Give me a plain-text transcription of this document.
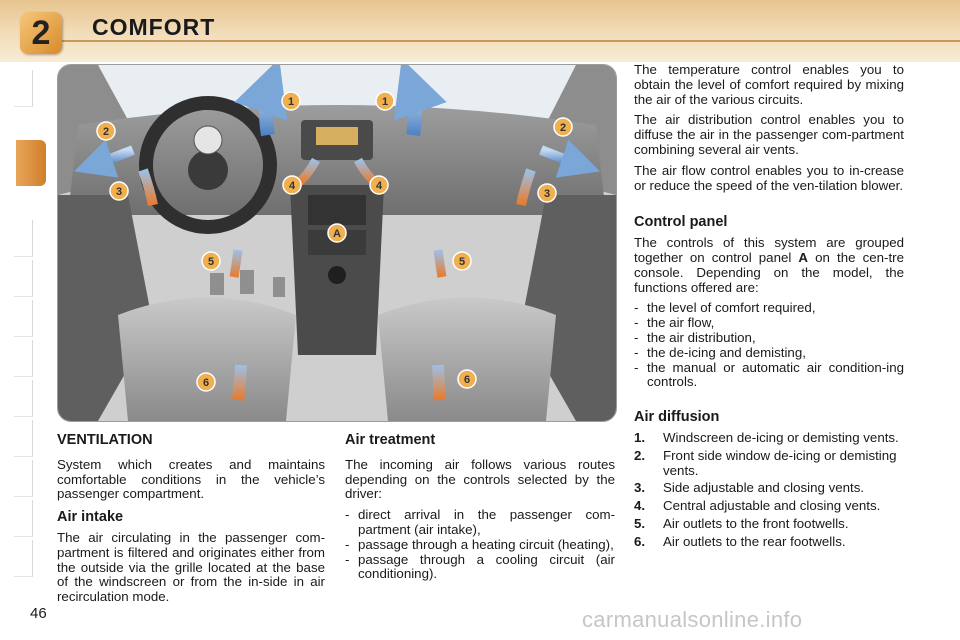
2	COMFORT
1	1
2	2
3	3
4	4
A
5	5
6	6
VENTILATION

System which creates and maintains comfortable conditions in the vehicle’s passenger compartment.

Air intake

The air circulating in the passenger com-partment is filtered and originates either from the outside via the grille located at the base of the windscreen or from the in-side in air recirculation mode.

Air treatment

The incoming air follows various routes depending on the controls selected by the driver:

- direct arrival in the passenger com-partment (air intake),
- passage through a heating circuit (heating),
- passage through a cooling circuit (air conditioning).

The temperature control enables you to obtain the level of comfort required by mixing the air of the various circuits.

The air distribution control enables you to diffuse the air in the passenger com-partment combining several air vents.

The air flow control enables you to in-crease or reduce the speed of the ven-tilation blower.

Control panel

The controls of this system are grouped together on control panel A on the cen-tre console. Depending on the model, the functions offered are:

- the level of comfort required,
- the air flow,
- the air distribution,
- the de-icing and demisting,
- the manual or automatic air condition-ing controls.
Air diffusion
1. Windscreen de-icing or demisting vents.
2. Front side window de-icing or demisting vents.
3. Side adjustable and closing vents.
4. Central adjustable and closing vents.
5. Air outlets to the front footwells.
6. Air outlets to the rear footwells.
46	carmanualsonline.info
